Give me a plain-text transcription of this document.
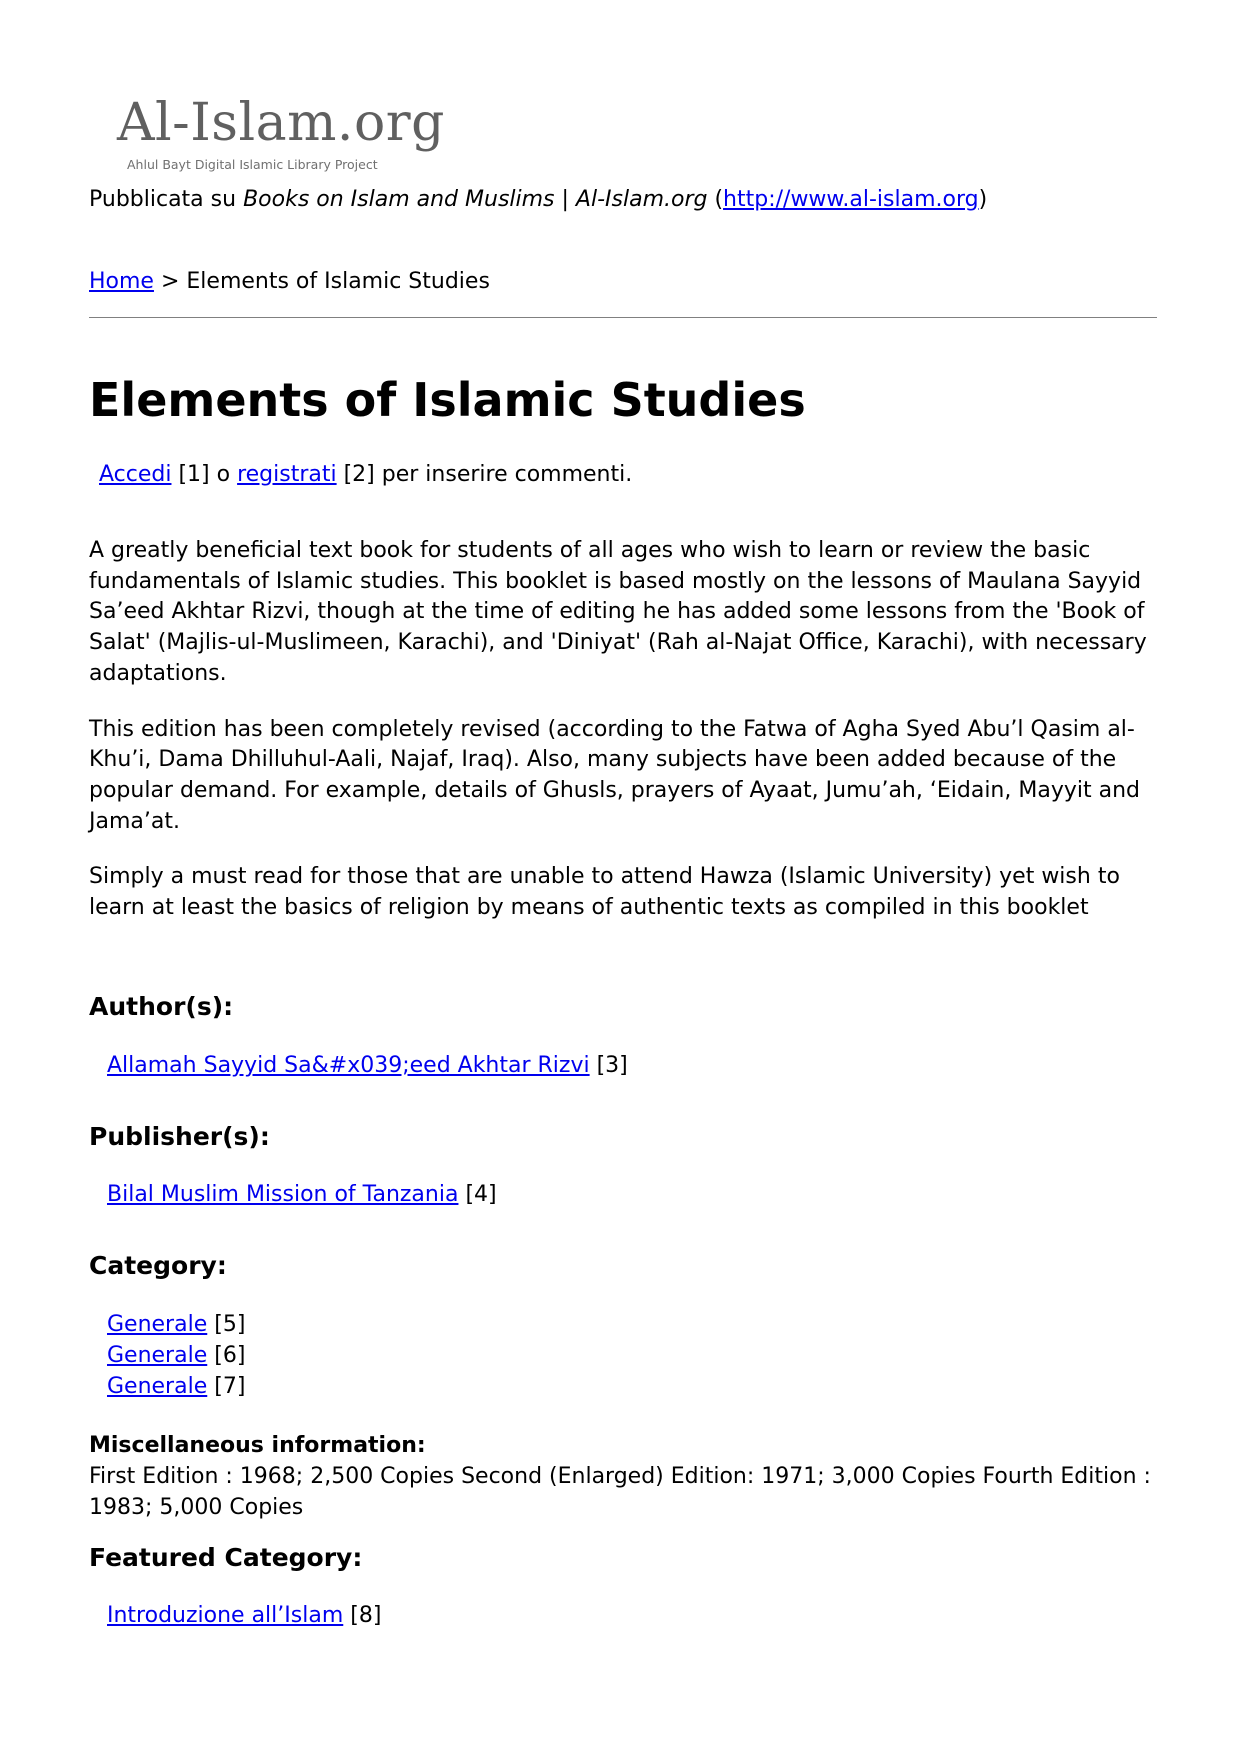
Al-Islam.org
Ahlul Bayt Digital Islamic Library Project
Pubblicata su Books on Islam and Muslims | Al-Islam.org (http://www.al-islam.org)
Home > Elements of Islamic Studies
Elements of Islamic Studies
Accedi [1] o registrati [2] per inserire commenti.

A greatly beneficial text book for students of all ages who wish to learn or review the basic fundamentals of Islamic studies. This booklet is based mostly on the lessons of Maulana Sayyid Sa’eed Akhtar Rizvi, though at the time of editing he has added some lessons from the 'Book of Salat' (Majlis-ul-Muslimeen, Karachi), and 'Diniyat' (Rah al-Najat Office, Karachi), with necessary adaptations.

This edition has been completely revised (according to the Fatwa of Agha Syed Abu’l Qasim al-Khu’i, Dama Dhilluhul-Aali, Najaf, Iraq). Also, many subjects have been added because of the popular demand. For example, details of Ghusls, prayers of Ayaat, Jumu’ah, ‘Eidain, Mayyit and Jama’at.

Simply a must read for those that are unable to attend Hawza (Islamic University) yet wish to learn at least the basics of religion by means of authentic texts as compiled in this booklet

Author(s):
Allamah Sayyid Sa&#x039;eed Akhtar Rizvi [3]
Publisher(s):
Bilal Muslim Mission of Tanzania [4]
Category:
Generale [5]
Generale [6]
Generale [7]
Miscellaneous information:
First Edition : 1968; 2,500 Copies Second (Enlarged) Edition: 1971; 3,000 Copies Fourth Edition : 1983; 5,000 Copies
Featured Category:
Introduzione all’Islam [8]
